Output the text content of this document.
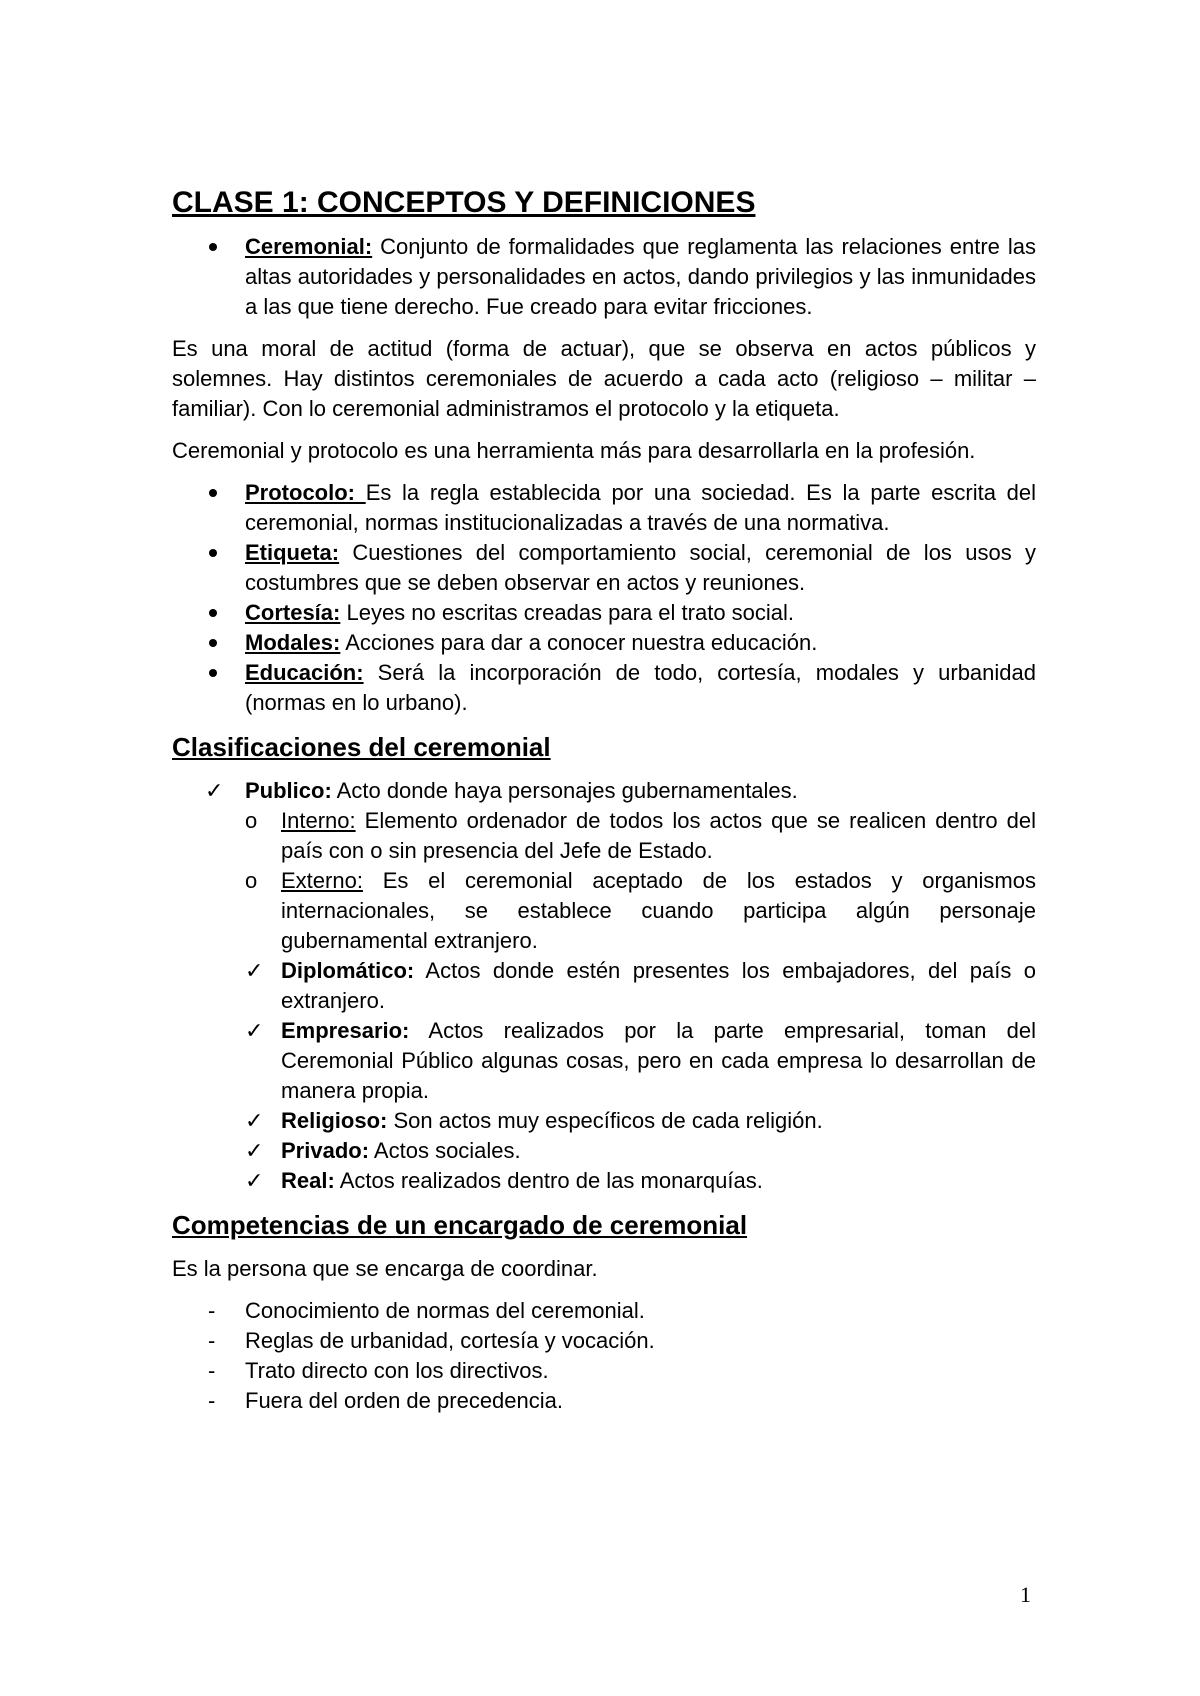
CLASE 1: CONCEPTOS Y DEFINICIONES
Ceremonial: Conjunto de formalidades que reglamenta las relaciones entre las altas autoridades y personalidades en actos, dando privilegios y las inmunidades a las que tiene derecho. Fue creado para evitar fricciones.

Es una moral de actitud (forma de actuar), que se observa en actos públicos y solemnes. Hay distintos ceremoniales de acuerdo a cada acto (religioso – militar – familiar). Con lo ceremonial administramos el protocolo y la etiqueta.

Ceremonial y protocolo es una herramienta más para desarrollarla en la profesión.

Protocolo: Es la regla establecida por una sociedad. Es la parte escrita del ceremonial, normas institucionalizadas a través de una normativa.
Etiqueta: Cuestiones del comportamiento social, ceremonial de los usos y costumbres que se deben observar en actos y reuniones.
Cortesía: Leyes no escritas creadas para el trato social.
Modales: Acciones para dar a conocer nuestra educación.
Educación: Será la incorporación de todo, cortesía, modales y urbanidad (normas en lo urbano).
Clasificaciones del ceremonial
✓ Publico: Acto donde haya personajes gubernamentales.
o Interno: Elemento ordenador de todos los actos que se realicen dentro del país con o sin presencia del Jefe de Estado.
o Externo: Es el ceremonial aceptado de los estados y organismos internacionales, se establece cuando participa algún personaje gubernamental extranjero.
✓ Diplomático: Actos donde estén presentes los embajadores, del país o extranjero.
✓ Empresario: Actos realizados por la parte empresarial, toman del Ceremonial Público algunas cosas, pero en cada empresa lo desarrollan de manera propia.
✓ Religioso: Son actos muy específicos de cada religión.
✓ Privado: Actos sociales.
✓ Real: Actos realizados dentro de las monarquías.
Competencias de un encargado de ceremonial

Es la persona que se encarga de coordinar.

- Conocimiento de normas del ceremonial.
- Reglas de urbanidad, cortesía y vocación.
- Trato directo con los directivos.
- Fuera del orden de precedencia.
1
